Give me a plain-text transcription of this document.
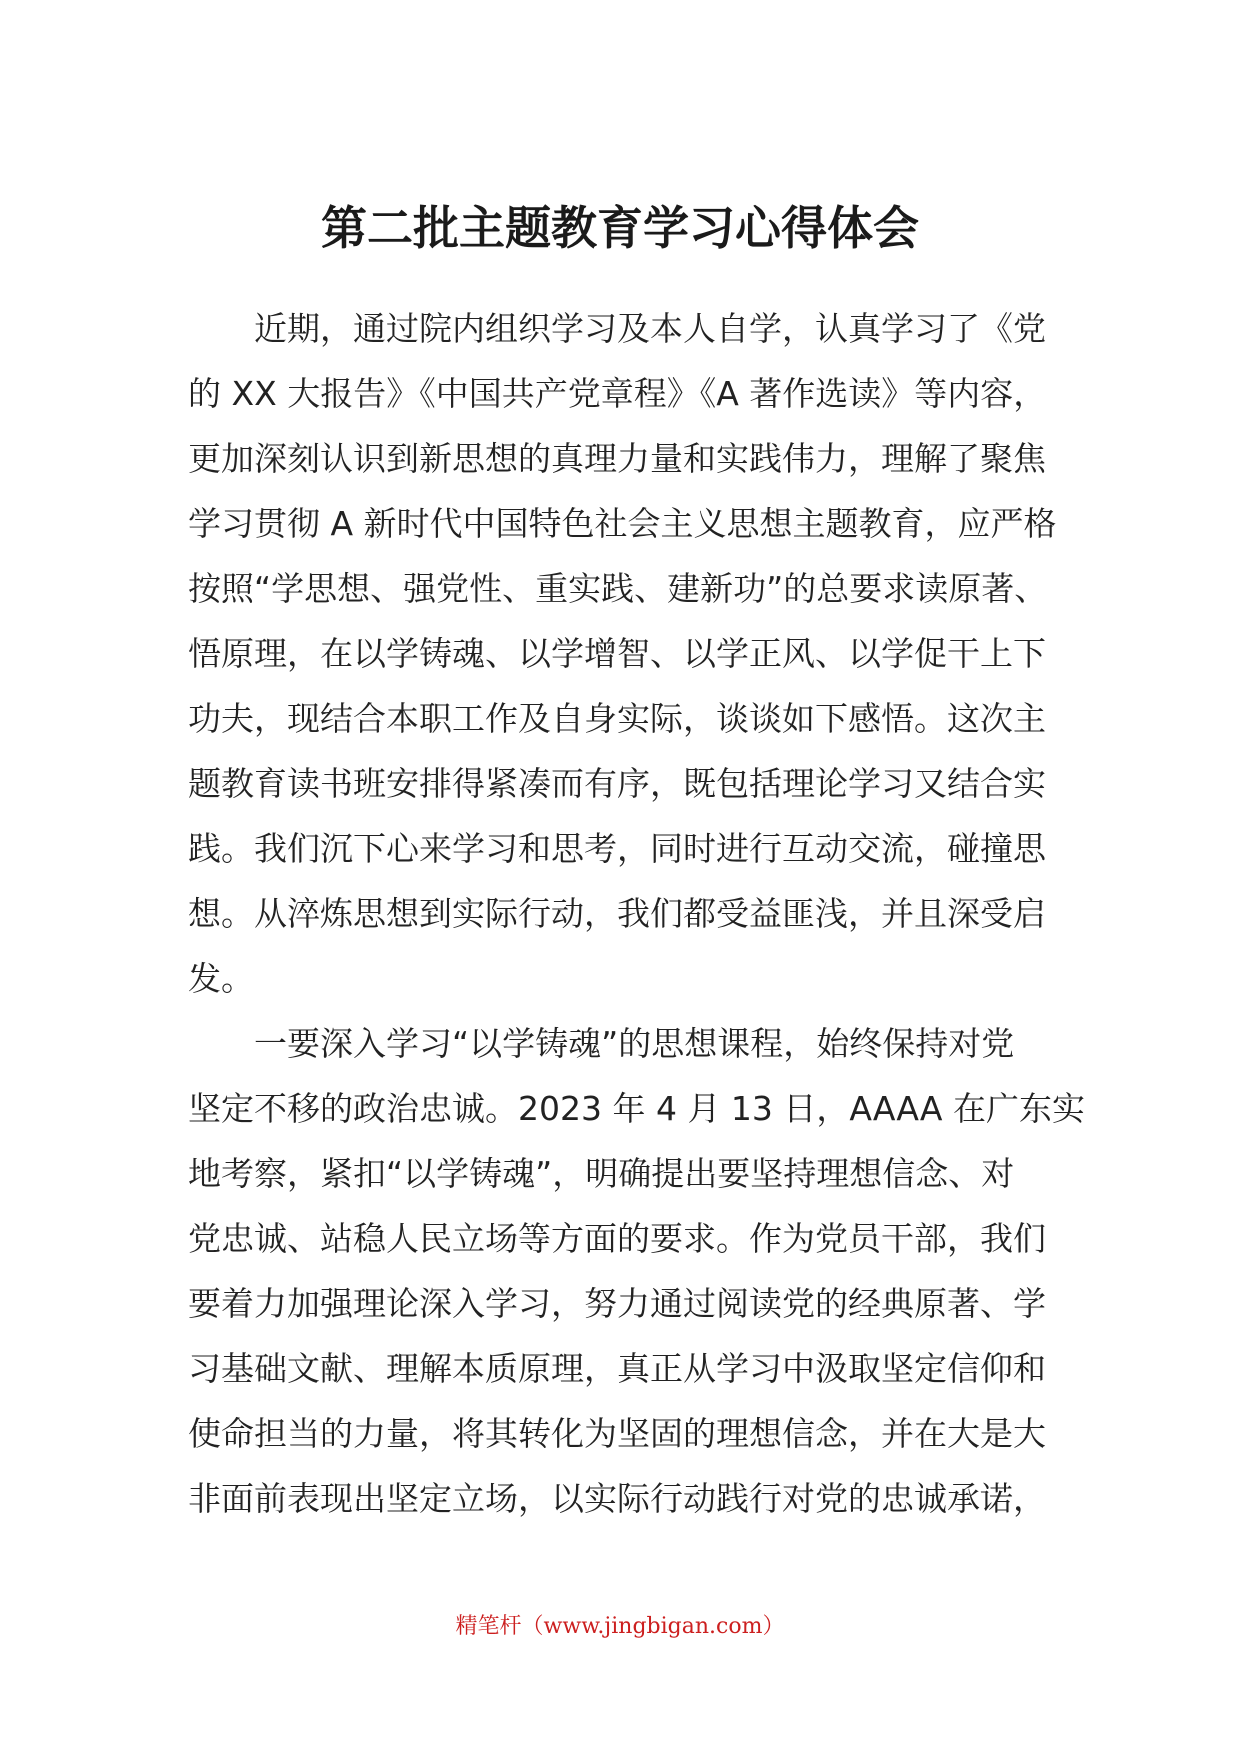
第二批主题教育学习心得体会
近期，通过院内组织学习及本人自学，认真学习了《党
的 XX 大报告》《中国共产党章程》《A 著作选读》等内容，
更加深刻认识到新思想的真理力量和实践伟力，理解了聚焦
学习贯彻 A 新时代中国特色社会主义思想主题教育，应严格
按照“学思想、强党性、重实践、建新功”的总要求读原著、
悟原理，在以学铸魂、以学增智、以学正风、以学促干上下
功夫，现结合本职工作及自身实际，谈谈如下感悟。这次主
题教育读书班安排得紧凑而有序，既包括理论学习又结合实
践。我们沉下心来学习和思考，同时进行互动交流，碰撞思
想。从淬炼思想到实际行动，我们都受益匪浅，并且深受启
发。
一要深入学习“以学铸魂”的思想课程，始终保持对党
坚定不移的政治忠诚。2023 年 4 月 13 日，AAAA 在广东实
地考察，紧扣“以学铸魂”，明确提出要坚持理想信念、对
党忠诚、站稳人民立场等方面的要求。作为党员干部，我们
要着力加强理论深入学习，努力通过阅读党的经典原著、学
习基础文献、理解本质原理，真正从学习中汲取坚定信仰和
使命担当的力量，将其转化为坚固的理想信念，并在大是大
非面前表现出坚定立场，以实际行动践行对党的忠诚承诺，
精笔杆（www.jingbigan.com）
